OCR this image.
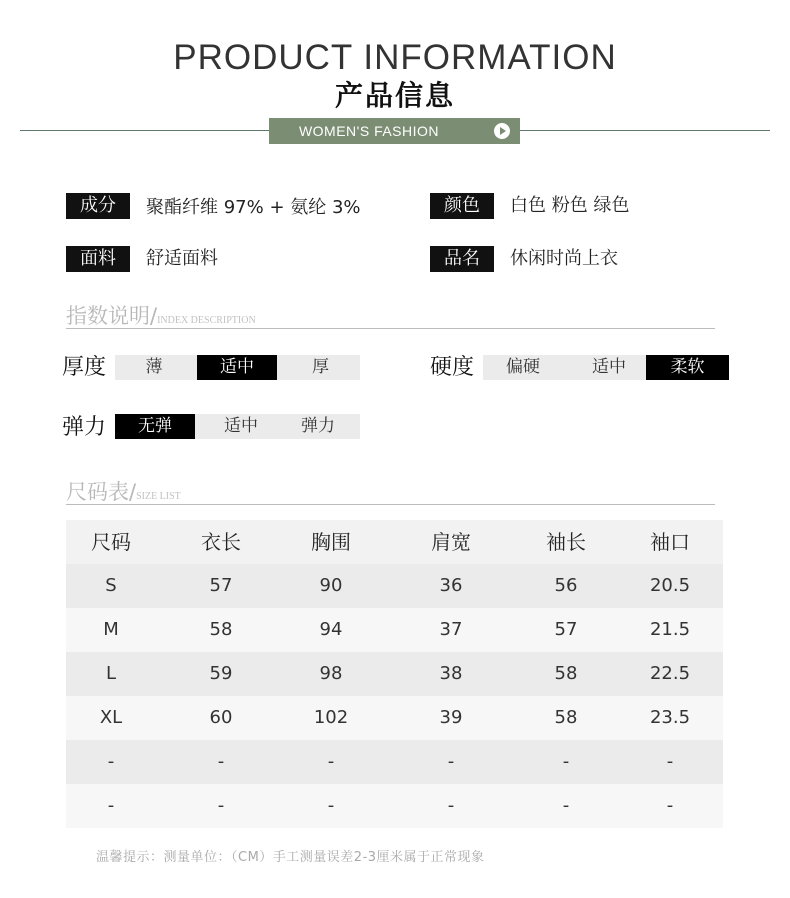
PRODUCT INFORMATION
产品信息
WOMEN'S FASHION
成分	聚酯纤维 97% + 氨纶 3%	颜色	白色 粉色 绿色
面料	舒适面料	品名	休闲时尚上衣
指数说明/INDEX DESCRIPTION
厚度	薄	适中	厚	硬度	偏硬	适中	柔软
弹力	无弹	适中	弹力
尺码表/SIZE LIST
尺码	衣长	胸围	肩宽	袖长	袖口
S	57	90	36	56	20.5
M	58	94	37	57	21.5
L	59	98	38	58	22.5
XL	60	102	39	58	23.5
-	-	-	-	-	-
-	-	-	-	-	-
温馨提示：测量单位：（CM）手工测量误差2-3厘米属于正常现象
